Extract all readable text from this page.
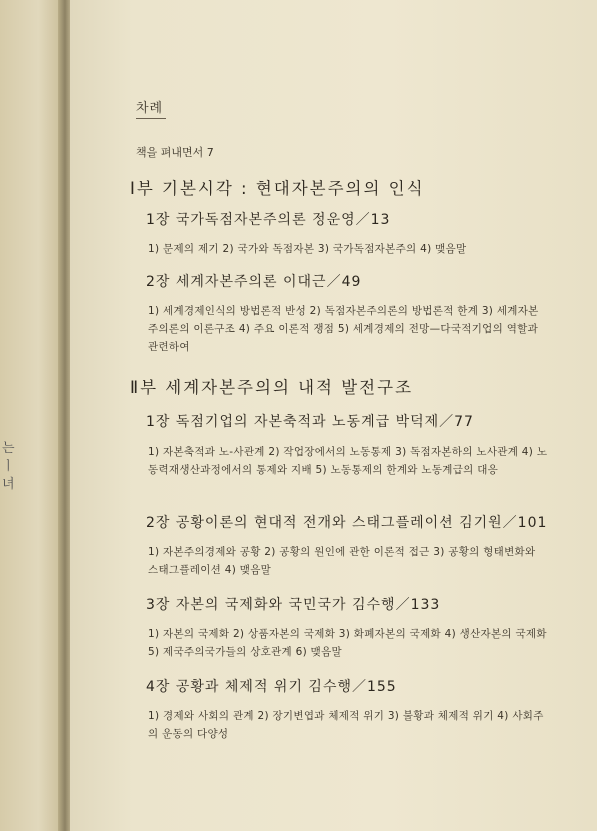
는
ㅣ
녀
차례
책을 펴내면서 7
Ⅰ부 기본시각 : 현대자본주의의 인식
1장 국가독점자본주의론 정운영／13
1) 문제의 제기 2) 국가와 독점자본 3) 국가독점자본주의 4) 맺음말
2장 세계자본주의론 이대근／49
1) 세계경제인식의 방법론적 반성 2) 독점자본주의론의 방법론적 한계 3) 세계자본주의론의 이론구조 4) 주요 이론적 쟁점 5) 세계경제의 전망—다국적기업의 역할과 관련하여
Ⅱ부 세계자본주의의 내적 발전구조
1장 독점기업의 자본축적과 노동계급 박덕제／77
1) 자본축적과 노-사관계 2) 작업장에서의 노동통제 3) 독점자본하의 노사관계 4) 노동력재생산과정에서의 통제와 지배 5) 노동통제의 한계와 노동계급의 대응
2장 공황이론의 현대적 전개와 스태그플레이션 김기원／101
1) 자본주의경제와 공황 2) 공황의 원인에 관한 이론적 접근 3) 공황의 형태변화와 스태그플레이션 4) 맺음말
3장 자본의 국제화와 국민국가 김수행／133
1) 자본의 국제화 2) 상품자본의 국제화 3) 화폐자본의 국제화 4) 생산자본의 국제화 5) 제국주의국가들의 상호관계 6) 맺음말
4장 공황과 체제적 위기 김수행／155
1) 경제와 사회의 관계 2) 장기변엽과 체제적 위기 3) 불황과 체제적 위기 4) 사회주의 운동의 다양성
